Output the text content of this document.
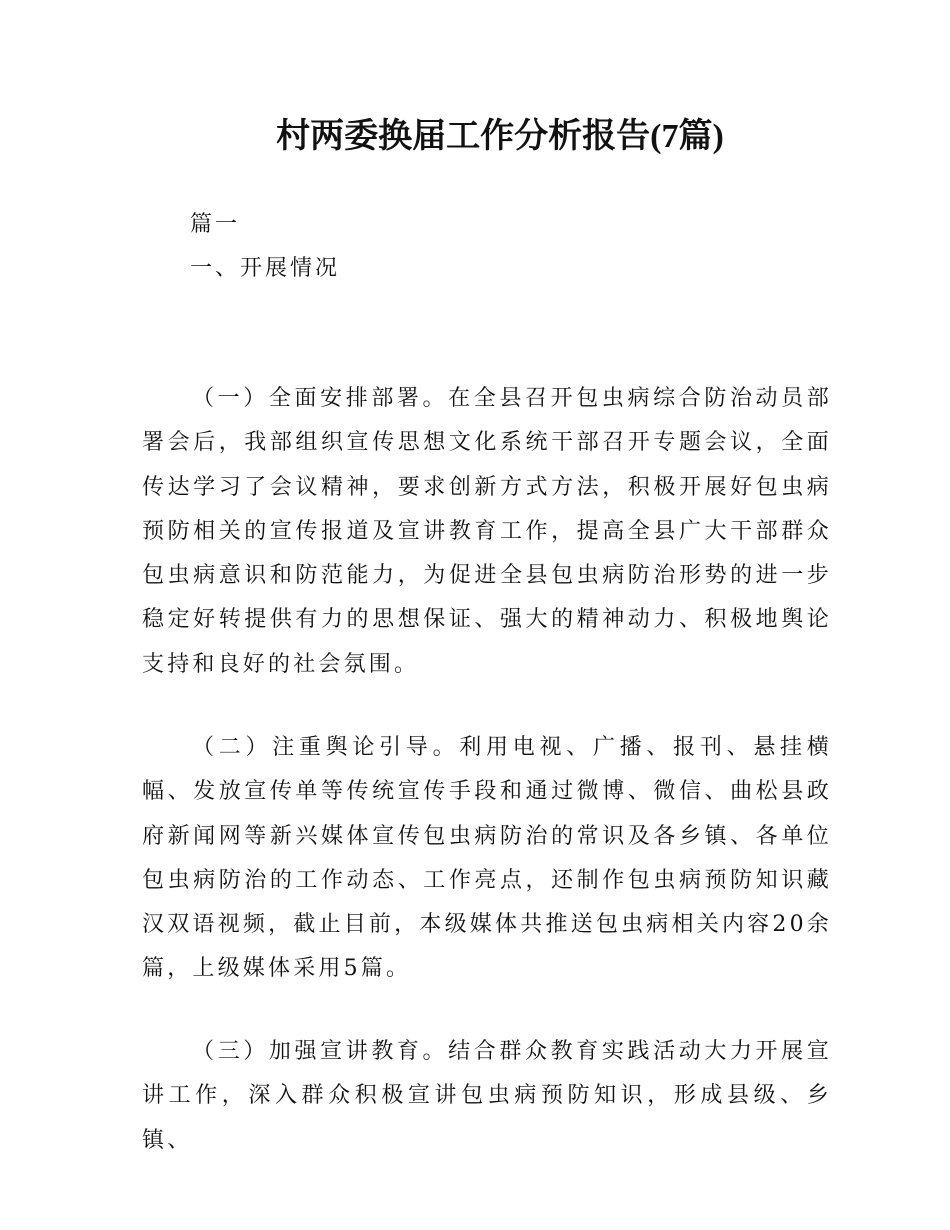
村两委换届工作分析报告(7篇)
篇一
一、开展情况

（一）全面安排部署。在全县召开包虫病综合防治动员部署会后，我部组织宣传思想文化系统干部召开专题会议，全面传达学习了会议精神，要求创新方式方法，积极开展好包虫病预防相关的宣传报道及宣讲教育工作，提高全县广大干部群众包虫病意识和防范能力，为促进全县包虫病防治形势的进一步稳定好转提供有力的思想保证、强大的精神动力、积极地舆论支持和良好的社会氛围。

（二）注重舆论引导。利用电视、广播、报刊、悬挂横幅、发放宣传单等传统宣传手段和通过微博、微信、曲松县政府新闻网等新兴媒体宣传包虫病防治的常识及各乡镇、各单位包虫病防治的工作动态、工作亮点，还制作包虫病预防知识藏汉双语视频，截止目前，本级媒体共推送包虫病相关内容20余篇，上级媒体采用5篇。

（三）加强宣讲教育。结合群众教育实践活动大力开展宣讲工作，深入群众积极宣讲包虫病预防知识，形成县级、乡镇、
